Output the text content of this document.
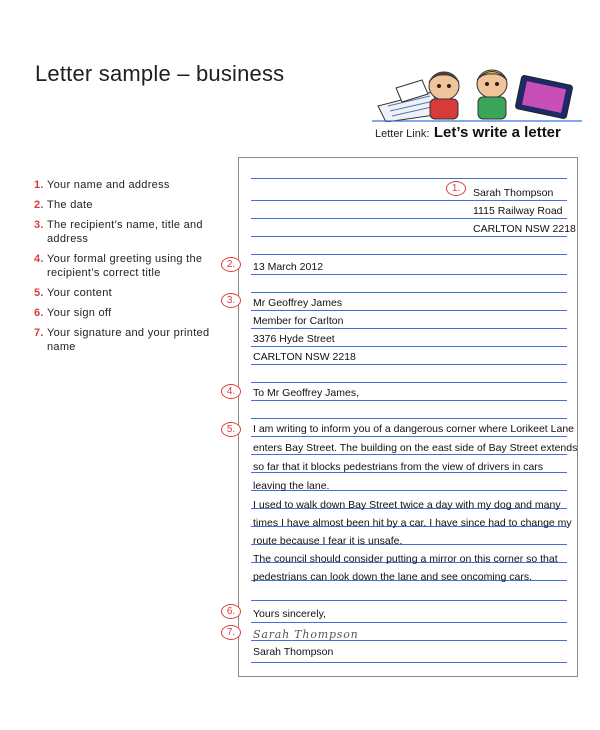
Letter sample – business
Letter Link: Let’s write a letter
1. Your name and address
2. The date
3. The recipient’s name, title and address
4. Your formal greeting using the recipient’s correct title
5. Your content
6. Your sign off
7. Your signature and your printed name
Sarah Thompson
1115 Railway Road
CARLTON NSW 2218
13 March 2012
Mr Geoffrey James
Member for Carlton
3376 Hyde Street
CARLTON NSW 2218
To Mr Geoffrey James,
I am writing to inform you of a dangerous corner where Lorikeet Lane
enters Bay Street. The building on the east side of Bay Street extends
so far that it blocks pedestrians from the view of drivers in cars
leaving the lane.
I used to walk down Bay Street twice a day with my dog and many
times I have almost been hit by a car. I have since had to change my
route because I fear it is unsafe.
The council should consider putting a mirror on this corner so that
pedestrians can look down the lane and see oncoming cars.
Yours sincerely,
Sarah Thompson
Sarah Thompson
1.
2.
3.
4.
5.
6.
7.
